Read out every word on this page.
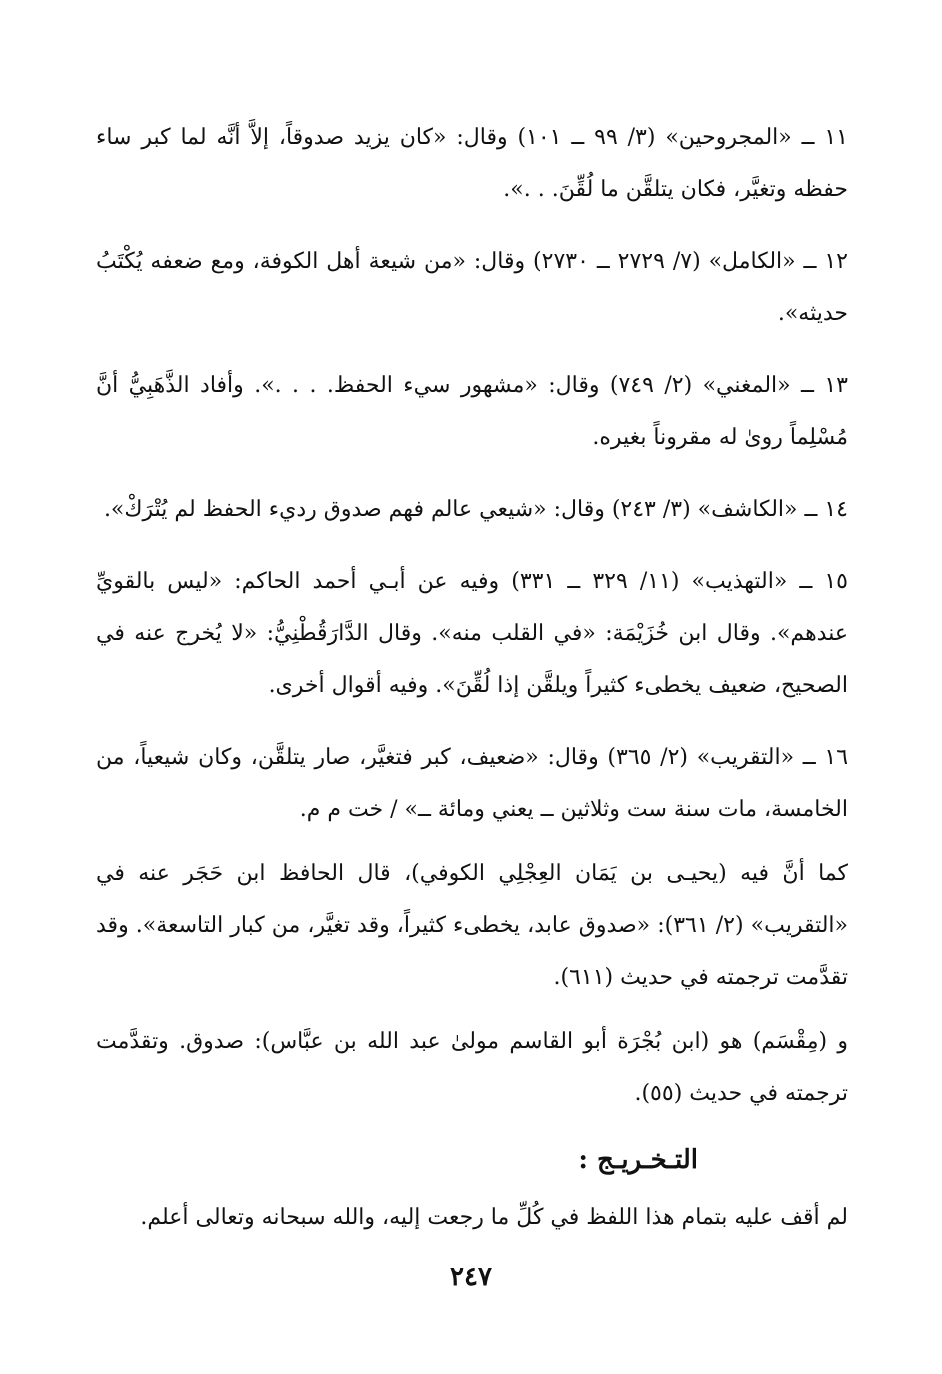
١١ ــ «المجروحين» (٣/ ٩٩ ــ ١٠١) وقال: «كان يزيد صدوقاً، إلاَّ أنَّه لما كبر ساء حفظه وتغيَّر، فكان يتلقَّن ما لُقِّنَ. . .».

١٢ ــ «الكامل» (٧/ ٢٧٢٩ ــ ٢٧٣٠) وقال: «من شيعة أهل الكوفة، ومع ضعفه يُكْتَبُ حديثه».

١٣ ــ «المغني» (٢/ ٧٤٩) وقال: «مشهور سيء الحفظ. . . .». وأفاد الذَّهَبِيُّ أنَّ مُسْلِماً روىٰ له مقروناً بغيره.

١٤ ــ «الكاشف» (٣/ ٢٤٣) وقال: «شيعي عالم فهم صدوق رديء الحفظ لم يُتْرَكْ».

١٥ ــ «التهذيب» (١١/ ٣٢٩ ــ ٣٣١) وفيه عن أبـي أحمد الحاكم: «ليس بالقويِّ عندهم». وقال ابن خُزَيْمَة: «في القلب منه». وقال الدَّارَقُطْنِيُّ: «لا يُخرج عنه في الصحيح، ضعيف يخطىء كثيراً ويلقَّن إذا لُقِّنَ». وفيه أقوال أخرى.

١٦ ــ «التقريب» (٢/ ٣٦٥) وقال: «ضعيف، كبر فتغيَّر، صار يتلقَّن، وكان شيعياً، من الخامسة، مات سنة ست وثلاثين ــ يعني ومائة ــ» / خت م م.

كما أنَّ فيه (يحيـى بن يَمَان العِجْلِي الكوفي)، قال الحافظ ابن حَجَر عنه في «التقريب» (٢/ ٣٦١): «صدوق عابد، يخطىء كثيراً، وقد تغيَّر، من كبار التاسعة». وقد تقدَّمت ترجمته في حديث (٦١١).

و (مِقْسَم) هو (ابن بُجْرَة أبو القاسم مولىٰ عبد الله بن عبَّاس): صدوق. وتقدَّمت ترجمته في حديث (٥٥).

التـخـريـج :

لم أقف عليه بتمام هذا اللفظ في كُلِّ ما رجعت إليه، والله سبحانه وتعالى أعلم.

٢٤٧
